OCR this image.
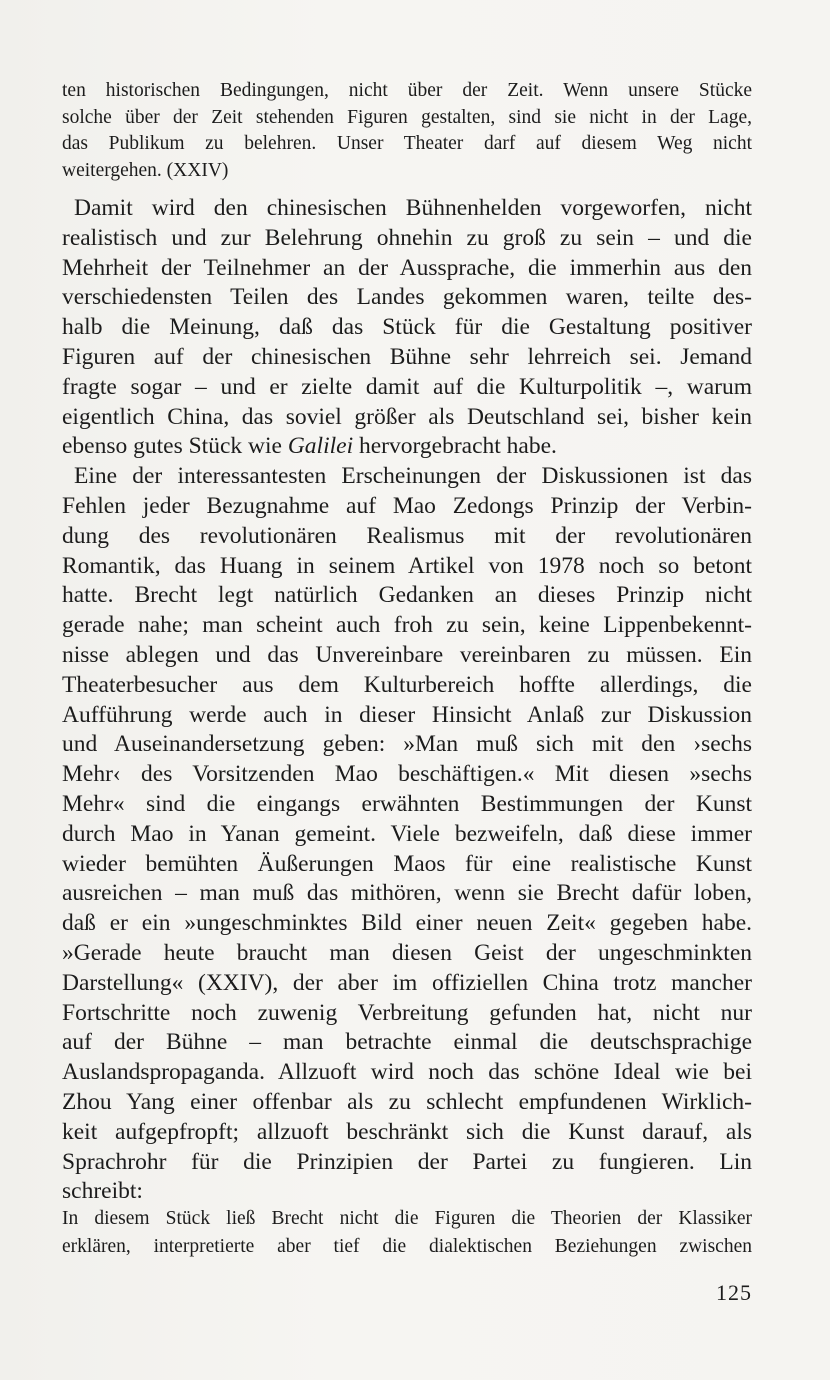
ten historischen Bedingungen, nicht über der Zeit. Wenn unsere Stücke
solche über der Zeit stehenden Figuren gestalten, sind sie nicht in der Lage,
das Publikum zu belehren. Unser Theater darf auf diesem Weg nicht
weitergehen. (XXIV)
Damit wird den chinesischen Bühnenhelden vorgeworfen, nicht
realistisch und zur Belehrung ohnehin zu groß zu sein – und die
Mehrheit der Teilnehmer an der Aussprache, die immerhin aus den
verschiedensten Teilen des Landes gekommen waren, teilte des-
halb die Meinung, daß das Stück für die Gestaltung positiver
Figuren auf der chinesischen Bühne sehr lehrreich sei. Jemand
fragte sogar – und er zielte damit auf die Kulturpolitik –, warum
eigentlich China, das soviel größer als Deutschland sei, bisher kein
ebenso gutes Stück wie Galilei hervorgebracht habe.
Eine der interessantesten Erscheinungen der Diskussionen ist das
Fehlen jeder Bezugnahme auf Mao Zedongs Prinzip der Verbin-
dung des revolutionären Realismus mit der revolutionären
Romantik, das Huang in seinem Artikel von 1978 noch so betont
hatte. Brecht legt natürlich Gedanken an dieses Prinzip nicht
gerade nahe; man scheint auch froh zu sein, keine Lippenbekennt-
nisse ablegen und das Unvereinbare vereinbaren zu müssen. Ein
Theaterbesucher aus dem Kulturbereich hoffte allerdings, die
Aufführung werde auch in dieser Hinsicht Anlaß zur Diskussion
und Auseinandersetzung geben: »Man muß sich mit den ›sechs
Mehr‹ des Vorsitzenden Mao beschäftigen.« Mit diesen »sechs
Mehr« sind die eingangs erwähnten Bestimmungen der Kunst
durch Mao in Yanan gemeint. Viele bezweifeln, daß diese immer
wieder bemühten Äußerungen Maos für eine realistische Kunst
ausreichen – man muß das mithören, wenn sie Brecht dafür loben,
daß er ein »ungeschminktes Bild einer neuen Zeit« gegeben habe.
»Gerade heute braucht man diesen Geist der ungeschminkten
Darstellung« (XXIV), der aber im offiziellen China trotz mancher
Fortschritte noch zuwenig Verbreitung gefunden hat, nicht nur
auf der Bühne – man betrachte einmal die deutschsprachige
Auslandspropaganda. Allzuoft wird noch das schöne Ideal wie bei
Zhou Yang einer offenbar als zu schlecht empfundenen Wirklich-
keit aufgepfropft; allzuoft beschränkt sich die Kunst darauf, als
Sprachrohr für die Prinzipien der Partei zu fungieren. Lin
schreibt:
In diesem Stück ließ Brecht nicht die Figuren die Theorien der Klassiker
erklären, interpretierte aber tief die dialektischen Beziehungen zwischen
125
